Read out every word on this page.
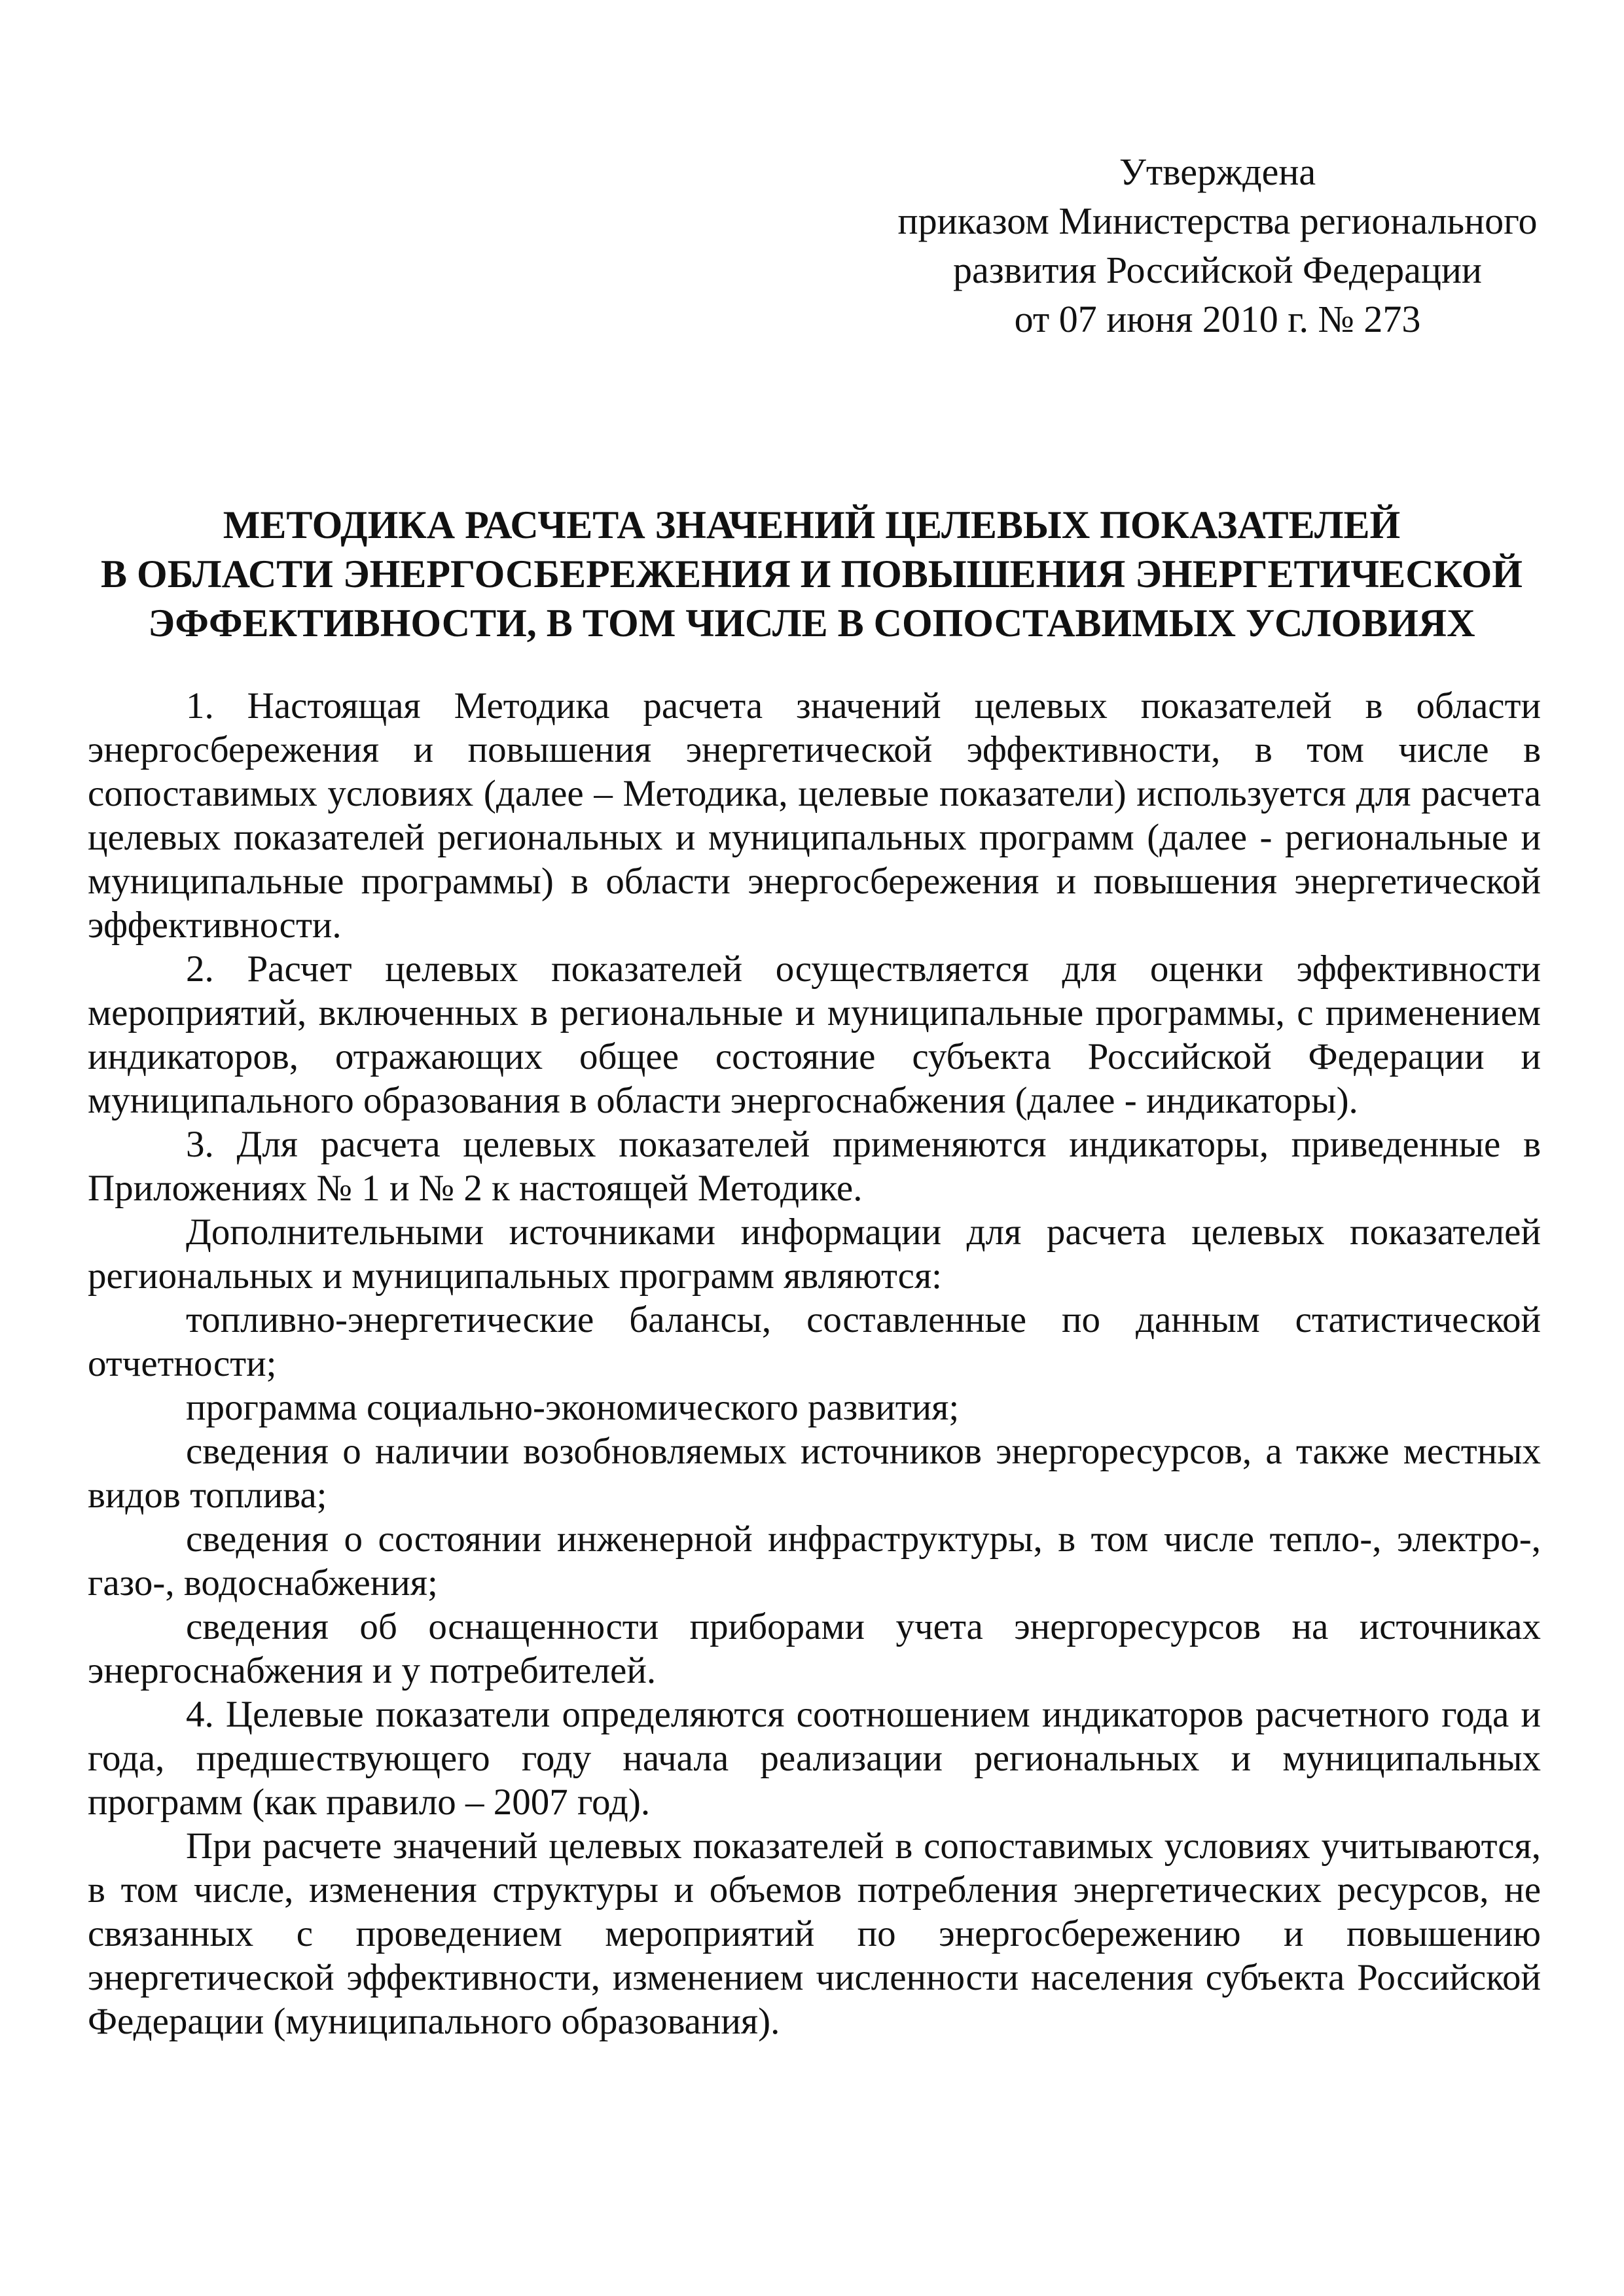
Утверждена
приказом Министерства регионального
развития Российской Федерации
от 07 июня 2010 г. № 273
МЕТОДИКА РАСЧЕТА ЗНАЧЕНИЙ ЦЕЛЕВЫХ ПОКАЗАТЕЛЕЙ
В ОБЛАСТИ ЭНЕРГОСБЕРЕЖЕНИЯ И ПОВЫШЕНИЯ ЭНЕРГЕТИЧЕСКОЙ
ЭФФЕКТИВНОСТИ, В ТОМ ЧИСЛЕ В СОПОСТАВИМЫХ УСЛОВИЯХ

1. Настоящая Методика расчета значений целевых показателей в области энергосбережения и повышения энергетической эффективности, в том числе в сопоставимых условиях (далее – Методика, целевые показатели) используется для расчета целевых показателей региональных и муниципальных программ (далее - региональные и муниципальные программы) в области энергосбережения и повышения энергетической эффективности.

2. Расчет целевых показателей осуществляется для оценки эффективности мероприятий, включенных в региональные и муниципальные программы, с применением индикаторов, отражающих общее состояние субъекта Российской Федерации и муниципального образования в области энергоснабжения (далее - индикаторы).

3. Для расчета целевых показателей применяются индикаторы, приведенные в Приложениях № 1 и № 2 к настоящей Методике.

Дополнительными источниками информации для расчета целевых показателей региональных и муниципальных программ являются:

топливно-энергетические балансы, составленные по данным статистической отчетности;

программа социально-экономического развития;

сведения о наличии возобновляемых источников энергоресурсов, а также местных видов топлива;

сведения о состоянии инженерной инфраструктуры, в том числе тепло-, электро-, газо-, водоснабжения;

сведения об оснащенности приборами учета энергоресурсов на источниках энергоснабжения и у потребителей.

4. Целевые показатели определяются соотношением индикаторов расчетного года и года, предшествующего году начала реализации региональных и муниципальных программ (как правило – 2007 год).

При расчете значений целевых показателей в сопоставимых условиях учитываются, в том числе, изменения структуры и объемов потребления энергетических ресурсов, не связанных с проведением мероприятий по энергосбережению и повышению энергетической эффективности, изменением численности населения субъекта Российской Федерации (муниципального образования).
